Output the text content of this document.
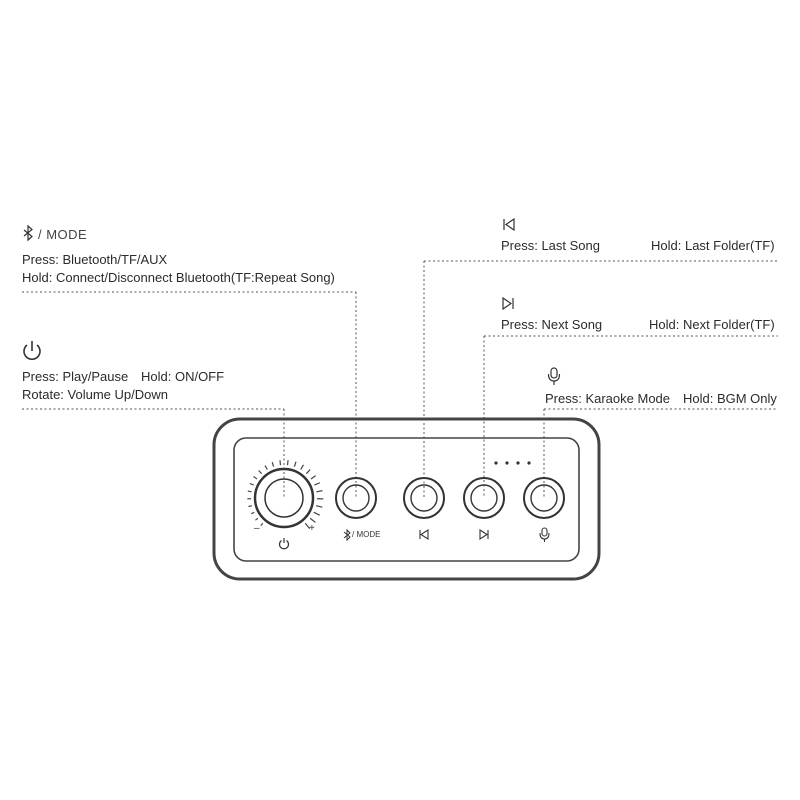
/ MODE
Press: Bluetooth/TF/AUX
Hold: Connect/Disconnect Bluetooth(TF:Repeat Song)
Press: Play/Pause Hold: ON/OFF
Rotate: Volume Up/Down
Press: Last Song	Hold: Last Folder(TF)
Press: Next Song	Hold: Next Folder(TF)
Press: Karaoke Mode Hold: BGM Only
/ MODE
–	+
